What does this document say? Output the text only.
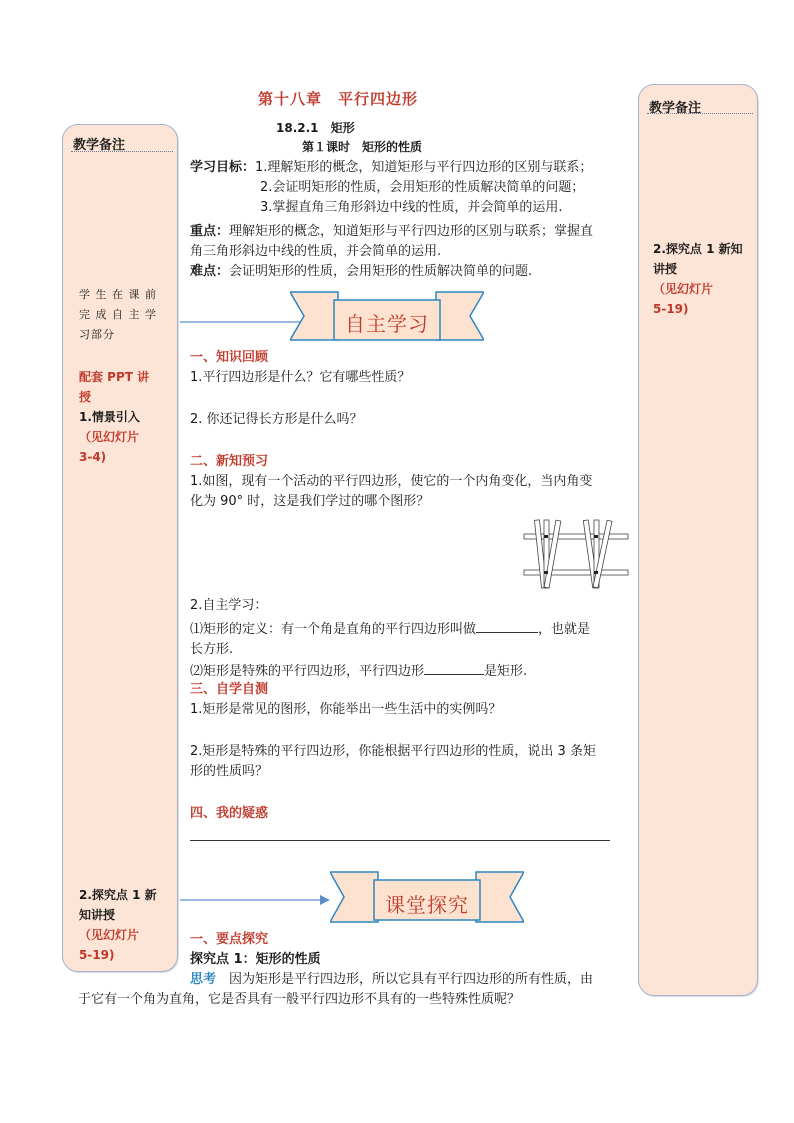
教学备注
学 生 在 课 前
完 成 自 主 学
习部分
配套 PPT 讲
授
1.情景引入
（见幻灯片
3-4)
2.探究点 1 新
知讲授
（见幻灯片
5-19)
教学备注
2.探究点 1 新知
讲授
（见幻灯片
5-19)
第十八章　平行四边形
18.2.1 矩形
第１课时　矩形的性质
学习目标：1.理解矩形的概念，知道矩形与平行四边形的区别与联系；
2.会证明矩形的性质，会用矩形的性质解决简单的问题；
3.掌握直角三角形斜边中线的性质，并会简单的运用.
重点：理解矩形的概念，知道矩形与平行四边形的区别与联系；掌握直
角三角形斜边中线的性质，并会简单的运用.
难点：会证明矩形的性质，会用矩形的性质解决简单的问题.
自主学习
一、知识回顾
1.平行四边形是什么？它有哪些性质？
2. 你还记得长方形是什么吗？
二、新知预习
1.如图，现有一个活动的平行四边形，使它的一个内角变化，当内角变
化为 90° 时，这是我们学过的哪个图形？
2.自主学习：
⑴矩形的定义：有一个角是直角的平行四边形叫做	，也就是
长方形.
⑵矩形是特殊的平行四边形，平行四边形	是矩形.
三、自学自测
1.矩形是常见的图形，你能举出一些生活中的实例吗？
2.矩形是特殊的平行四边形，你能根据平行四边形的性质，说出 3 条矩
形的性质吗？
四、我的疑惑
课堂探究
一、要点探究
探究点 1：矩形的性质
思考　因为矩形是平行四边形，所以它具有平行四边形的所有性质，由
于它有一个角为直角，它是否具有一般平行四边形不具有的一些特殊性质呢？
